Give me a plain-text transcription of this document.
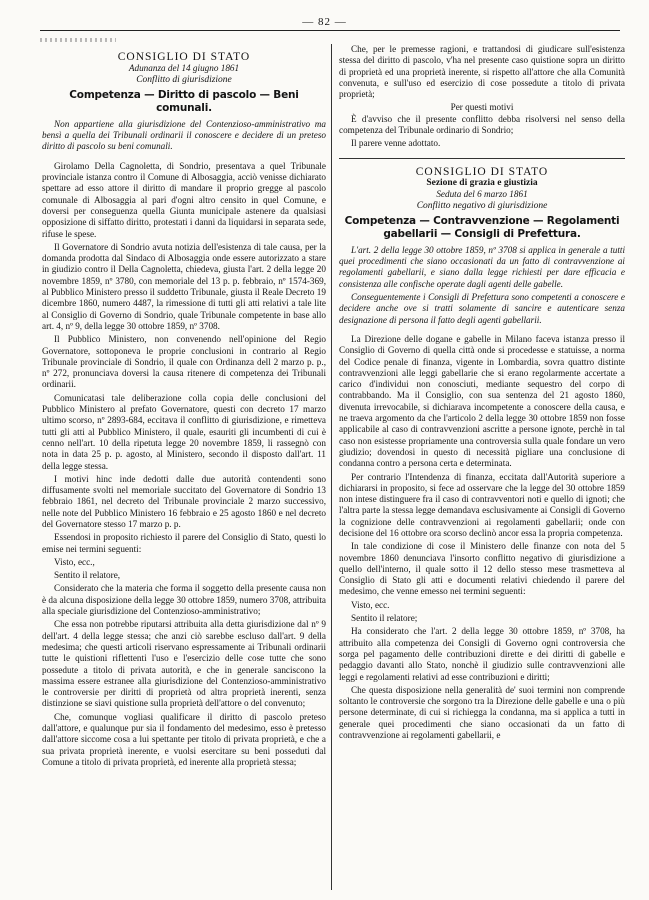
— 82 —

CONSIGLIO DI STATO

Adunanza del 14 giugno 1861

Conflitto di giurisdizione

Competenza — Diritto di pascolo — Beni comunali.

Non appartiene alla giurisdizione del Contenzioso-amministrativo ma bensì a quella dei Tribunali ordinarii il conoscere e decidere di un preteso diritto di pascolo su beni comunali.

Girolamo Della Cagnoletta, di Sondrio, presentava a quel Tribunale provinciale istanza contro il Comune di Albosaggia, acciò venisse dichiarato spettare ad esso attore il diritto di mandare il proprio gregge al pascolo comunale di Albosaggia al pari d'ogni altro censito in quel Comune, e doversi per conseguenza quella Giunta municipale astenere da qualsiasi opposizione di siffatto diritto, protestati i danni da liquidarsi in separata sede, rifuse le spese.

Il Governatore di Sondrio avuta notizia dell'esistenza di tale causa, per la domanda prodotta dal Sindaco di Albosaggia onde essere autorizzato a stare in giudizio contro il Della Cagnoletta, chiedeva, giusta l'art. 2 della legge 20 novembre 1859, nº 3780, con memoriale del 13 p. p. febbraio, nº 1574-369, al Pubblico Ministero presso il suddetto Tribunale, giusta il Reale Decreto 19 dicembre 1860, numero 4487, la rimessione di tutti gli atti relativi a tale lite al Consiglio di Governo di Sondrio, quale Tribunale competente in base allo art. 4, nº 9, della legge 30 ottobre 1859, nº 3708.

Il Pubblico Ministero, non convenendo nell'opinione del Regio Governatore, sottoponeva le proprie conclusioni in contrario al Regio Tribunale provinciale di Sondrio, il quale con Ordinanza dell 2 marzo p. p., nº 272, pronunciava doversi la causa ritenere di competenza dei Tribunali ordinarii.

Comunicatasi tale deliberazione colla copia delle conclusioni del Pubblico Ministero al prefato Governatore, questi con decreto 17 marzo ultimo scorso, nº 2893-684, eccitava il conflitto di giurisdizione, e rimetteva tutti gli atti al Pubblico Ministero, il quale, esauriti gli incumbenti di cui è cenno nell'art. 10 della ripetuta legge 20 novembre 1859, li rassegnò con nota in data 25 p. p. agosto, al Ministero, secondo il disposto dall'art. 11 della legge stessa.

I motivi hinc inde dedotti dalle due autorità contendenti sono diffusamente svolti nel memoriale succitato del Governatore di Sondrio 13 febbraio 1861, nel decreto del Tribunale provinciale 2 marzo successivo, nelle note del Pubblico Ministero 16 febbraio e 25 agosto 1860 e nel decreto del Governatore stesso 17 marzo p. p.

Essendosi in proposito richiesto il parere del Consiglio di Stato, questi lo emise nei termini seguenti:

Visto, ecc.,

Sentito il relatore,

Considerato che la materia che forma il soggetto della presente causa non è da alcuna disposizione della legge 30 ottobre 1859, numero 3708, attribuita alla speciale giurisdizione del Contenzioso-amministrativo;

Che essa non potrebbe riputarsi attribuita alla detta giurisdizione dal nº 9 dell'art. 4 della legge stessa; che anzi ciò sarebbe escluso dall'art. 9 della medesima; che questi articoli riservano espressamente ai Tribunali ordinarii tutte le quistioni riflettenti l'uso e l'esercizio delle cose tutte che sono possedute a titolo di privata autorità, e che in generale sanciscono la massima essere estranee alla giurisdizione del Contenzioso-amministrativo le controversie per diritti di proprietà od altra proprietà inerenti, senza distinzione se siavi quistione sulla proprietà dell'attore o del convenuto;

Che, comunque vogliasi qualificare il diritto di pascolo preteso dall'attore, e qualunque pur sia il fondamento del medesimo, esso è pretesso dall'attore siccome cosa a lui spettante per titolo di privata proprietà, e che a sua privata proprietà inerente, e vuolsi esercitare su beni posseduti dal Comune a titolo di privata proprietà, ed inerente alla proprietà stessa;

Che, per le premesse ragioni, e trattandosi di giudicare sull'esistenza stessa del diritto di pascolo, v'ha nel presente caso quistione sopra un diritto di proprietà ed una proprietà inerente, si rispetto all'attore che alla Comunità convenuta, e sull'uso ed esercizio di cose possedute a titolo di privata proprietà;

Per questi motivi

È d'avviso che il presente conflitto debba risolversi nel senso della competenza del Tribunale ordinario di Sondrio;

Il parere venne adottato.

CONSIGLIO DI STATO

Sezione di grazia e giustizia

Seduta del 6 marzo 1861

Conflitto negativo di giurisdizione

Competenza — Contravvenzione — Regolamenti gabellarii — Consigli di Prefettura.

L'art. 2 della legge 30 ottobre 1859, nº 3708 si applica in generale a tutti quei procedimenti che siano occasionati da un fatto di contravvenzione ai regolamenti gabellarii, e siano dalla legge richiesti per dare efficacia e consistenza alle confische operate dagli agenti delle gabelle.

Conseguentemente i Consigli di Prefettura sono competenti a conoscere e decidere anche ove si tratti solamente di sancire e autenticare senza designazione di persona il fatto degli agenti gabellarii.

La Direzione delle dogane e gabelle in Milano faceva istanza presso il Consiglio di Governo di quella città onde si procedesse e statuisse, a norma del Codice penale di finanza, vigente in Lombardia, sovra quattro distinte contravvenzioni alle leggi gabellarie che si erano regolarmente accertate a carico d'individui non conosciuti, mediante sequestro del corpo di contrabbando. Ma il Consiglio, con sua sentenza del 21 agosto 1860, divenuta irrevocabile, si dichiarava incompetente a conoscere della causa, e ne traeva argomento da che l'articolo 2 della legge 30 ottobre 1859 non fosse applicabile al caso di contravvenzioni ascritte a persone ignote, perchè in tal caso non esistesse propriamente una controversia sulla quale fondare un vero giudizio; dovendosi in questo di necessità pigliare una conclusione di condanna contro a persona certa e determinata.

Per contrario l'Intendenza di finanza, eccitata dall'Autorità superiore a dichiararsi in proposito, si fece ad osservare che la legge del 30 ottobre 1859 non intese distinguere fra il caso di contravventori noti e quello di ignoti; che l'altra parte la stessa legge demandava esclusivamente ai Consigli di Governo la cognizione delle contravvenzioni ai regolamenti gabellarii; onde con decisione del 16 ottobre ora scorso declinò ancor essa la propria competenza.

In tale condizione di cose il Ministero delle finanze con nota del 5 novembre 1860 denunciava l'insorto conflitto negativo di giurisdizione a quello dell'interno, il quale sotto il 12 dello stesso mese trasmetteva al Consiglio di Stato gli atti e documenti relativi chiedendo il parere del medesimo, che venne emesso nei termini seguenti:

Visto, ecc.

Sentito il relatore;

Ha considerato che l'art. 2 della legge 30 ottobre 1859, nº 3708, ha attribuito alla competenza dei Consigli di Governo ogni controversia che sorga pel pagamento delle contribuzioni dirette e dei diritti di gabelle e pedaggio davanti allo Stato, nonchè il giudizio sulle contravvenzioni alle leggi e regolamenti relativi ad esse contribuzioni e diritti;

Che questa disposizione nella generalità de' suoi termini non comprende soltanto le controversie che sorgono tra la Direzione delle gabelle e una o più persone determinate, di cui si richiegga la condanna, ma si applica a tutti in generale quei procedimenti che siano occasionati da un fatto di contravvenzione ai regolamenti gabellarii, e
